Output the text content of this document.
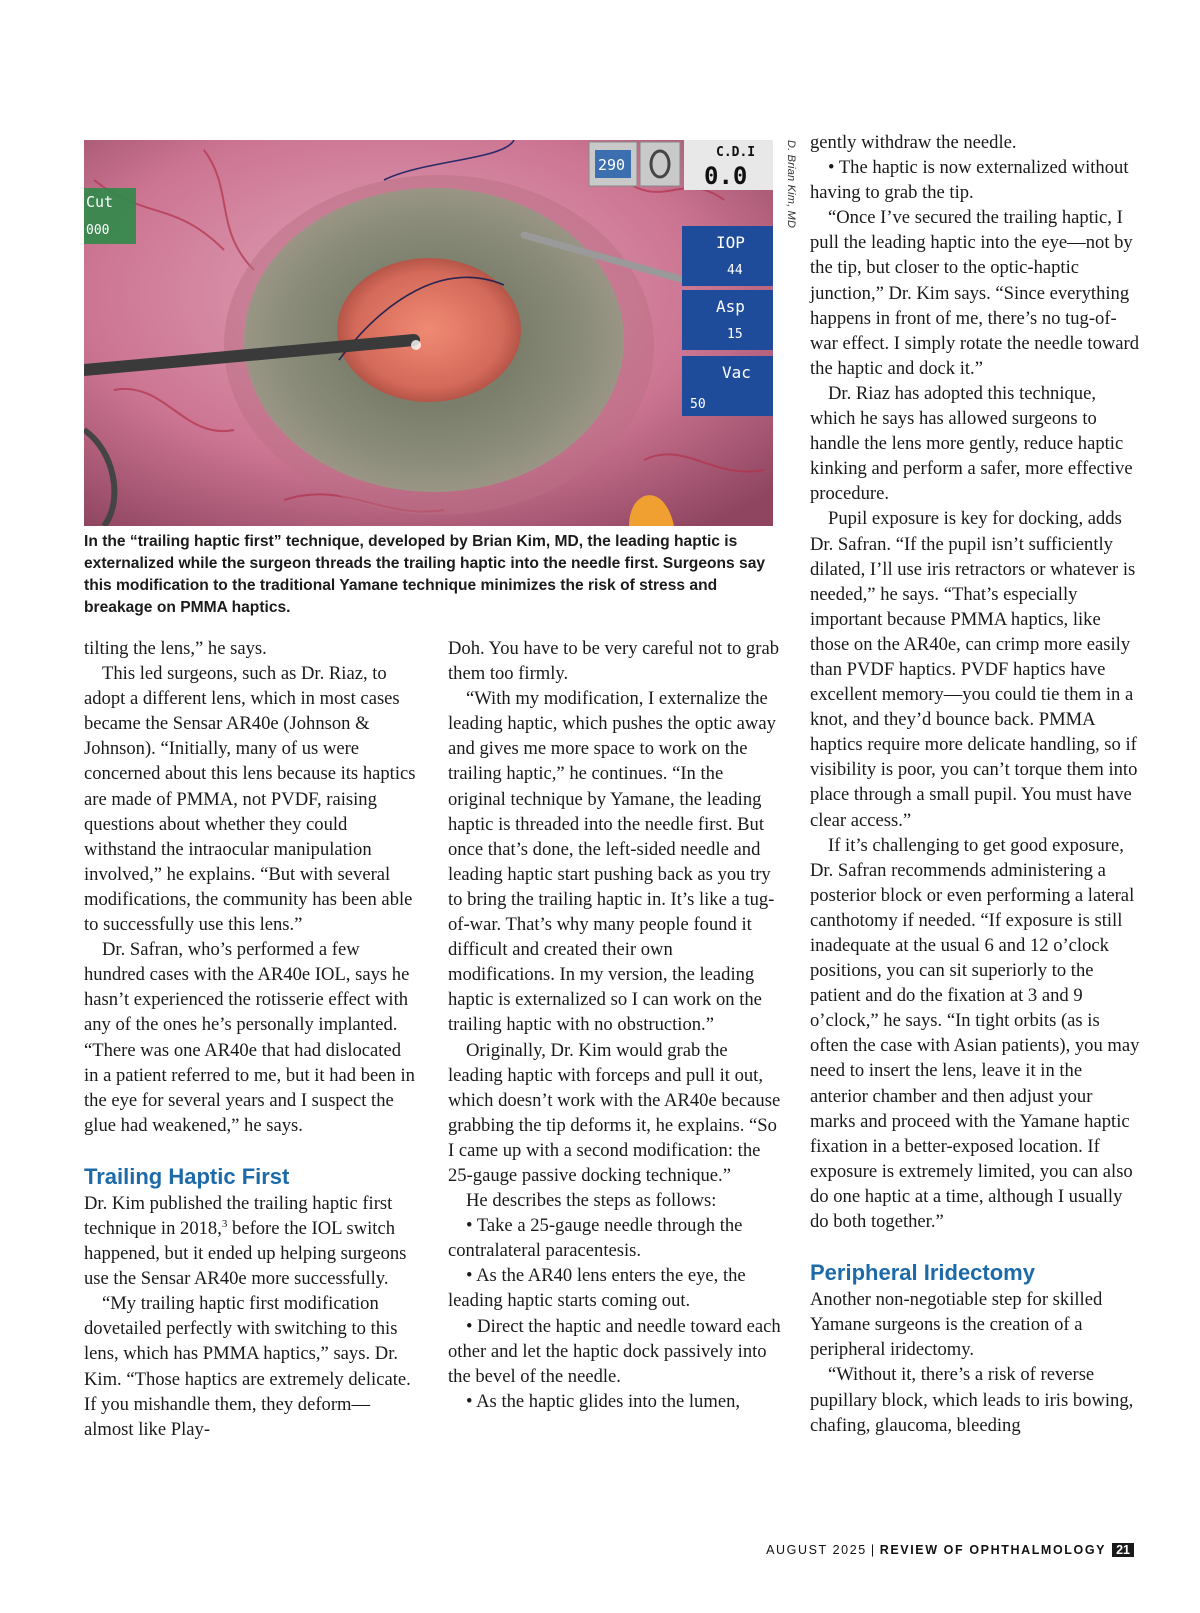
Cut
000
290
C.D.I
0.0
IOP
44
Asp
15
Vac
50
D. Brian Kim, MD

In the “trailing haptic first” technique, developed by Brian Kim, MD, the leading haptic is externalized while the surgeon threads the trailing haptic into the needle first. Surgeons say this modification to the traditional Yamane technique minimizes the risk of stress and breakage on PMMA haptics.

tilting the lens,” he says.

This led surgeons, such as Dr. Riaz, to adopt a different lens, which in most cases became the Sensar AR40e (Johnson & Johnson). “Initially, many of us were concerned about this lens because its haptics are made of PMMA, not PVDF, raising questions about whether they could withstand the intraocular manipulation involved,” he explains. “But with several modifications, the community has been able to successfully use this lens.”

Dr. Safran, who’s performed a few hundred cases with the AR40e IOL, says he hasn’t experienced the rotisserie effect with any of the ones he’s personally implanted. “There was one AR40e that had dislocated in a patient referred to me, but it had been in the eye for several years and I suspect the glue had weakened,” he says.

Trailing Haptic First

Dr. Kim published the trailing haptic first technique in 2018,$^3$ before the IOL switch happened, but it ended up helping surgeons use the Sensar AR40e more successfully.

“My trailing haptic first modification dovetailed perfectly with switching to this lens, which has PMMA haptics,” says. Dr. Kim. “Those haptics are extremely delicate. If you mishandle them, they deform—almost like Play-

Doh. You have to be very careful not to grab them too firmly.

“With my modification, I externalize the leading haptic, which pushes the optic away and gives me more space to work on the trailing haptic,” he continues. “In the original technique by Yamane, the leading haptic is threaded into the needle first. But once that’s done, the left-sided needle and leading haptic start pushing back as you try to bring the trailing haptic in. It’s like a tug-of-war. That’s why many people found it difficult and created their own modifications. In my version, the leading haptic is externalized so I can work on the trailing haptic with no obstruction.”

Originally, Dr. Kim would grab the leading haptic with forceps and pull it out, which doesn’t work with the AR40e because grabbing the tip deforms it, he explains. “So I came up with a second modification: the 25-gauge passive docking technique.”

He describes the steps as follows:

• Take a 25-gauge needle through the contralateral paracentesis.

• As the AR40 lens enters the eye, the leading haptic starts coming out.

• Direct the haptic and needle toward each other and let the haptic dock passively into the bevel of the needle.

• As the haptic glides into the lumen,

gently withdraw the needle.

• The haptic is now externalized without having to grab the tip.

“Once I’ve secured the trailing haptic, I pull the leading haptic into the eye—not by the tip, but closer to the optic-haptic junction,” Dr. Kim says. “Since everything happens in front of me, there’s no tug-of-war effect. I simply rotate the needle toward the haptic and dock it.”

Dr. Riaz has adopted this technique, which he says has allowed surgeons to handle the lens more gently, reduce haptic kinking and perform a safer, more effective procedure.

Pupil exposure is key for docking, adds Dr. Safran. “If the pupil isn’t sufficiently dilated, I’ll use iris retractors or whatever is needed,” he says. “That’s especially important because PMMA haptics, like those on the AR40e, can crimp more easily than PVDF haptics. PVDF haptics have excellent memory—you could tie them in a knot, and they’d bounce back. PMMA haptics require more delicate handling, so if visibility is poor, you can’t torque them into place through a small pupil. You must have clear access.”

If it’s challenging to get good exposure, Dr. Safran recommends administering a posterior block or even performing a lateral canthotomy if needed. “If exposure is still inadequate at the usual 6 and 12 o’clock positions, you can sit superiorly to the patient and do the fixation at 3 and 9 o’clock,” he says. “In tight orbits (as is often the case with Asian patients), you may need to insert the lens, leave it in the anterior chamber and then adjust your marks and proceed with the Yamane haptic fixation in a better-exposed location. If exposure is extremely limited, you can also do one haptic at a time, although I usually do both together.”

Peripheral Iridectomy

Another non-negotiable step for skilled Yamane surgeons is the creation of a peripheral iridectomy.

“Without it, there’s a risk of reverse pupillary block, which leads to iris bowing, chafing, glaucoma, bleeding

AUGUST 2025 | REVIEW OF OPHTHALMOLOGY 21
